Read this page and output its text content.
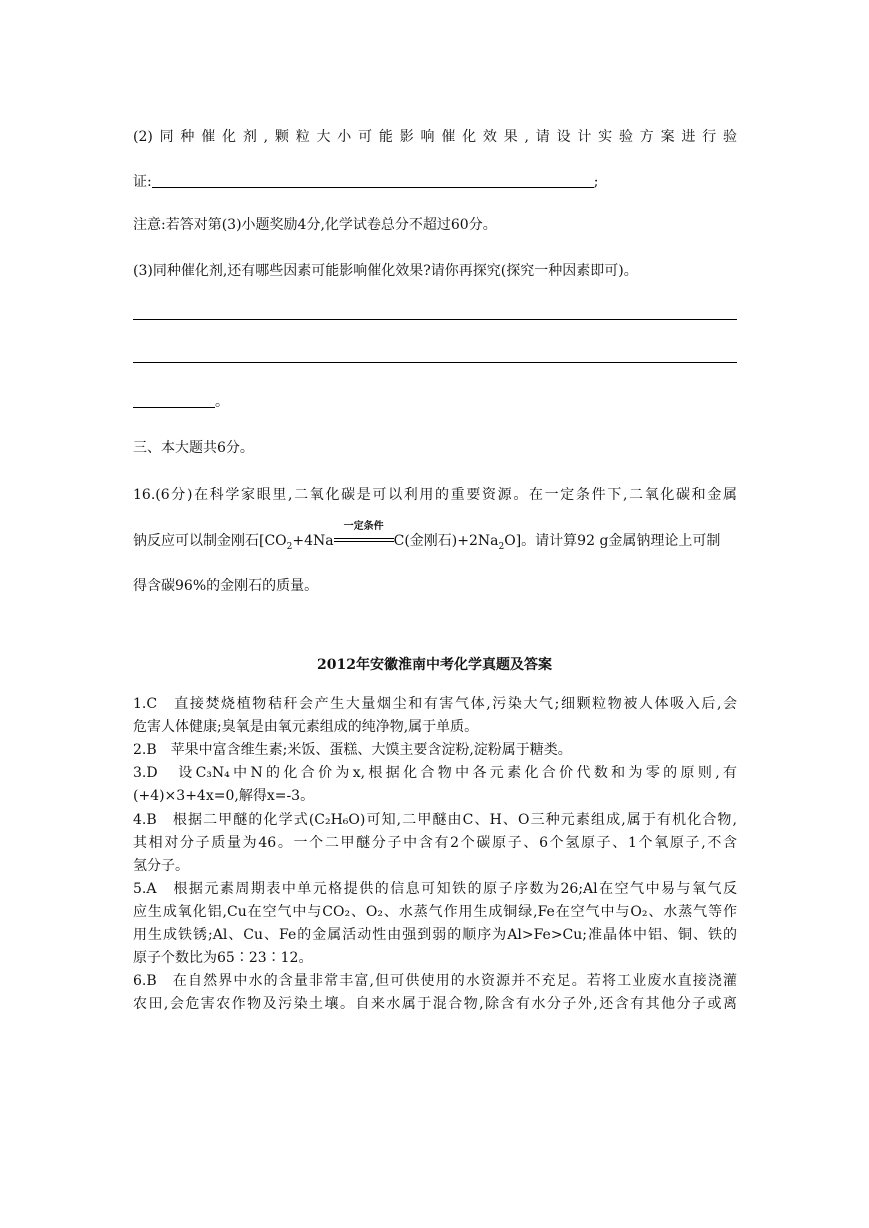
(2)同种催化剂,颗粒大小可能影响催化效果,请设计实验方案进行验
证:	;
注意:若答对第(3)小题奖励4分,化学试卷总分不超过60分。
(3)同种催化剂,还有哪些因素可能影响催化效果?请你再探究(探究一种因素即可)。
。
三、本大题共6分。
16.(6分)在科学家眼里,二氧化碳是可以利用的重要资源。在一定条件下,二氧化碳和金属
钠反应可以制金刚石[$CO_2+4Na$
一定条件
C(金刚石)$+2Na_2O$]。请计算92 g金属钠理论上可制
得含碳96%的金刚石的质量。
2012年安徽淮南中考化学真题及答案
1.C　直接焚烧植物秸秆会产生大量烟尘和有害气体,污染大气;细颗粒物被人体吸入后,会
危害人体健康;臭氧是由氧元素组成的纯净物,属于单质。
2.B　苹果中富含维生素;米饭、蛋糕、大馍主要含淀粉,淀粉属于糖类。
3.D　设C₃N₄中N的化合价为x,根据化合物中各元素化合价代数和为零的原则,有
(+4)×3+4x=0,解得x=-3。
4.B　根据二甲醚的化学式(C₂H₆O)可知,二甲醚由C、H、O三种元素组成,属于有机化合物,
其相对分子质量为46。一个二甲醚分子中含有2个碳原子、6个氢原子、1个氧原子,不含
氢分子。
5.A　根据元素周期表中单元格提供的信息可知铁的原子序数为26;Al在空气中易与氧气反
应生成氧化铝,Cu在空气中与CO₂、O₂、水蒸气作用生成铜绿,Fe在空气中与O₂、水蒸气等作
用生成铁锈;Al、Cu、Fe的金属活动性由强到弱的顺序为Al>Fe>Cu;准晶体中铝、铜、铁的
原子个数比为65∶23∶12。
6.B　在自然界中水的含量非常丰富,但可供使用的水资源并不充足。若将工业废水直接浇灌
农田,会危害农作物及污染土壤。自来水属于混合物,除含有水分子外,还含有其他分子或离
